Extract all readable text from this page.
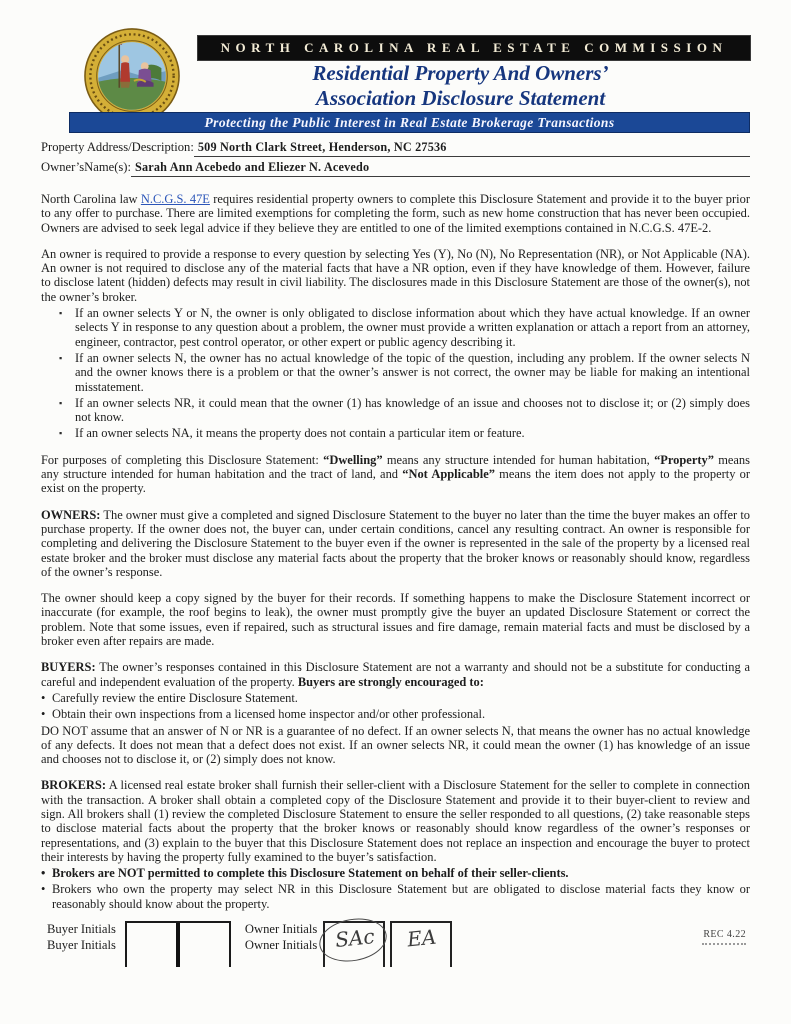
NORTH CAROLINA REAL ESTATE COMMISSION
Residential Property And Owners’
Association Disclosure Statement
Protecting the Public Interest in Real Estate Brokerage Transactions
Property Address/Description: 509 North Clark Street, Henderson, NC 27536
Owner’sName(s): Sarah Ann Acebedo and Eliezer N. Acevedo

North Carolina law N.C.G.S. 47E requires residential property owners to complete this Disclosure Statement and provide it to the buyer prior to any offer to purchase. There are limited exemptions for completing the form, such as new home construction that has never been occupied. Owners are advised to seek legal advice if they believe they are entitled to one of the limited exemptions contained in N.C.G.S. 47E-2.

An owner is required to provide a response to every question by selecting Yes (Y), No (N), No Representation (NR), or Not Applicable (NA). An owner is not required to disclose any of the material facts that have a NR option, even if they have knowledge of them. However, failure to disclose latent (hidden) defects may result in civil liability. The disclosures made in this Disclosure Statement are those of the owner(s), not the owner’s broker.

▪ If an owner selects Y or N, the owner is only obligated to disclose information about which they have actual knowledge. If an owner selects Y in response to any question about a problem, the owner must provide a written explanation or attach a report from an attorney, engineer, contractor, pest control operator, or other expert or public agency describing it.
▪ If an owner selects N, the owner has no actual knowledge of the topic of the question, including any problem. If the owner selects N and the owner knows there is a problem or that the owner’s answer is not correct, the owner may be liable for making an intentional misstatement.
▪ If an owner selects NR, it could mean that the owner (1) has knowledge of an issue and chooses not to disclose it; or (2) simply does not know.
▪ If an owner selects NA, it means the property does not contain a particular item or feature.

For purposes of completing this Disclosure Statement: “Dwelling” means any structure intended for human habitation, “Property” means any structure intended for human habitation and the tract of land, and “Not Applicable” means the item does not apply to the property or exist on the property.

OWNERS: The owner must give a completed and signed Disclosure Statement to the buyer no later than the time the buyer makes an offer to purchase property. If the owner does not, the buyer can, under certain conditions, cancel any resulting contract. An owner is responsible for completing and delivering the Disclosure Statement to the buyer even if the owner is represented in the sale of the property by a licensed real estate broker and the broker must disclose any material facts about the property that the broker knows or reasonably should know, regardless of the owner’s response.

The owner should keep a copy signed by the buyer for their records. If something happens to make the Disclosure Statement incorrect or inaccurate (for example, the roof begins to leak), the owner must promptly give the buyer an updated Disclosure Statement or correct the problem. Note that some issues, even if repaired, such as structural issues and fire damage, remain material facts and must be disclosed by a broker even after repairs are made.

BUYERS: The owner’s responses contained in this Disclosure Statement are not a warranty and should not be a substitute for conducting a careful and independent evaluation of the property. Buyers are strongly encouraged to:

• Carefully review the entire Disclosure Statement.
• Obtain their own inspections from a licensed home inspector and/or other professional.

DO NOT assume that an answer of N or NR is a guarantee of no defect. If an owner selects N, that means the owner has no actual knowledge of any defects. It does not mean that a defect does not exist. If an owner selects NR, it could mean the owner (1) has knowledge of an issue and chooses not to disclose it, or (2) simply does not know.

BROKERS: A licensed real estate broker shall furnish their seller-client with a Disclosure Statement for the seller to complete in connection with the transaction. A broker shall obtain a completed copy of the Disclosure Statement and provide it to their buyer-client to review and sign. All brokers shall (1) review the completed Disclosure Statement to ensure the seller responded to all questions, (2) take reasonable steps to disclose material facts about the property that the broker knows or reasonably should know regardless of the owner’s responses or representations, and (3) explain to the buyer that this Disclosure Statement does not replace an inspection and encourage the buyer to protect their interests by having the property fully examined to the buyer’s satisfaction.

• Brokers are NOT permitted to complete this Disclosure Statement on behalf of their seller-clients.
• Brokers who own the property may select NR in this Disclosure Statement but are obligated to disclose material facts they know or reasonably should know about the property.
Buyer Initials
Buyer Initials
Owner Initials
Owner Initials SAc EA	REC 4.22
